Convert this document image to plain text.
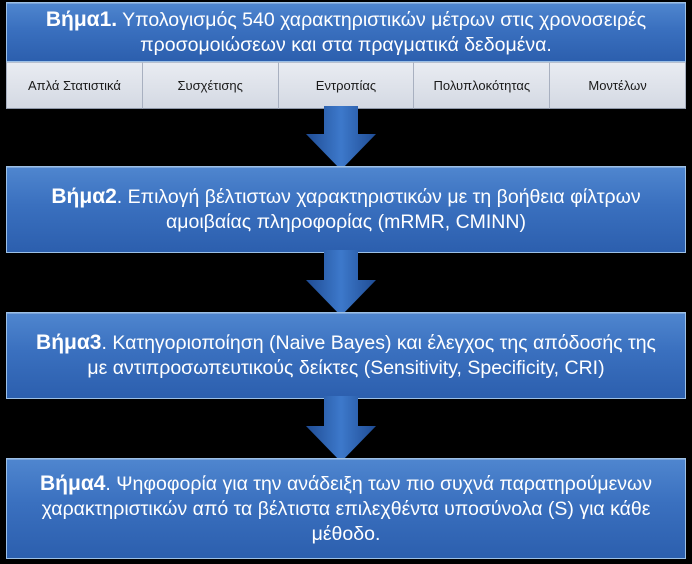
Βήμα1. Υπολογισμός 540 χαρακτηριστικών μέτρων στις χρονοσειρές
προσομοιώσεων και στα πραγματικά δεδομένα.
Απλά Στατιστικά	Συσχέτισης	Εντροπίας	Πολυπλοκότητας	Μοντέλων
Βήμα2. Επιλογή βέλτιστων χαρακτηριστικών με τη βοήθεια φίλτρων
αμοιβαίας πληροφορίας (mRMR, CMINN)
Βήμα3. Κατηγοριοποίηση (Naive Bayes) και έλεγχος της απόδοσής της
με αντιπροσωπευτικούς δείκτες (Sensitivity, Specificity, CRI)
Βήμα4. Ψηφοφορία για την ανάδειξη των πιο συχνά παρατηρούμενων
χαρακτηριστικών από τα βέλτιστα επιλεχθέντα υποσύνολα (S) για κάθε
μέθοδο.
